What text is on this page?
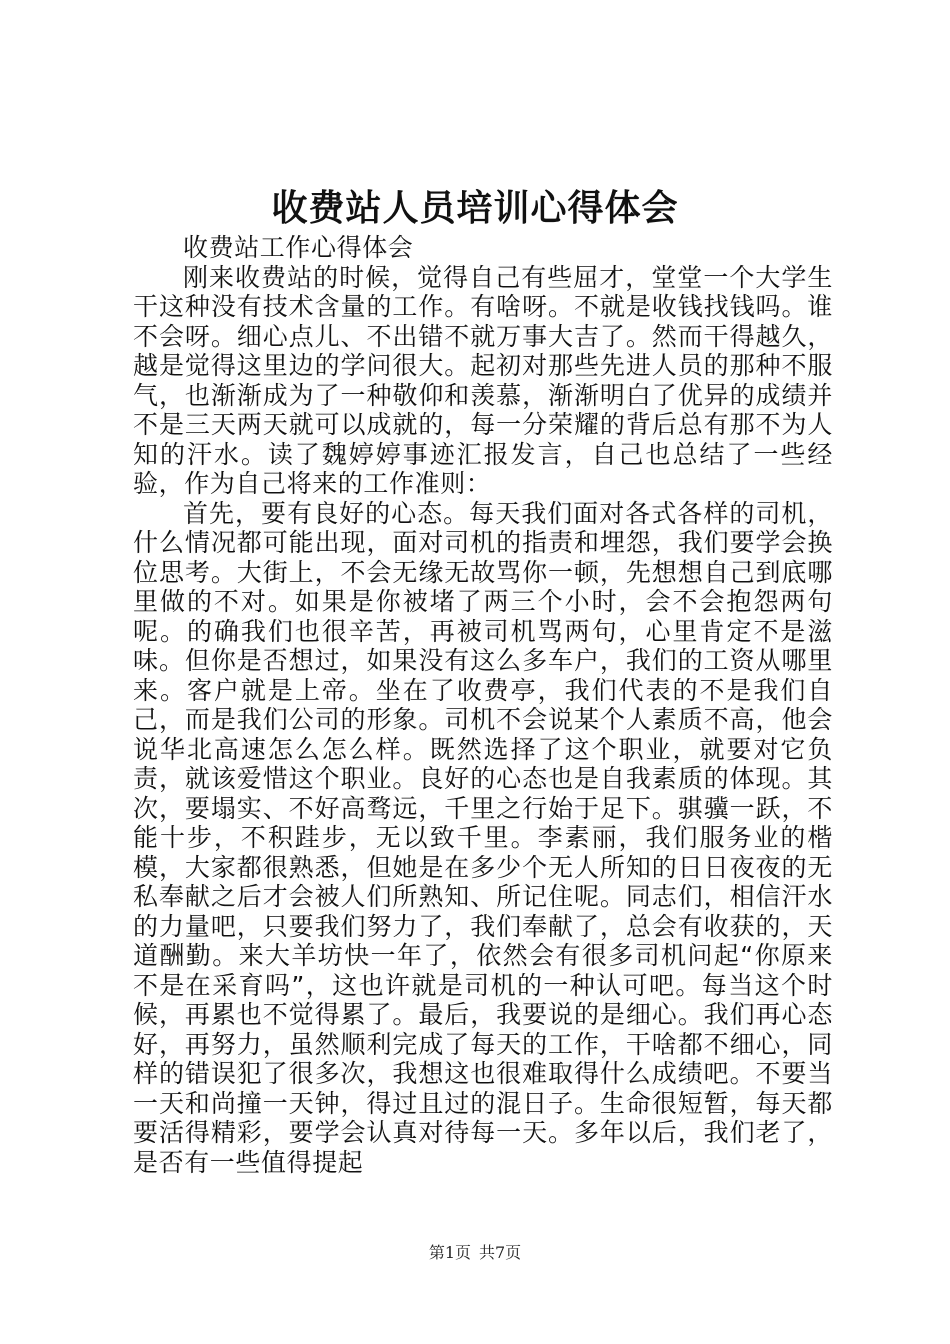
收费站人员培训心得体会

收费站工作心得体会

刚来收费站的时候，觉得自己有些屈才，堂堂一个大学生干这种没有技术含量的工作。有啥呀。不就是收钱找钱吗。谁不会呀。细心点儿、不出错不就万事大吉了。然而干得越久，越是觉得这里边的学问很大。起初对那些先进人员的那种不服气，也渐渐成为了一种敬仰和羡慕，渐渐明白了优异的成绩并不是三天两天就可以成就的，每一分荣耀的背后总有那不为人知的汗水。读了魏婷婷事迹汇报发言，自己也总结了一些经验，作为自己将来的工作准则：

首先，要有良好的心态。每天我们面对各式各样的司机，什么情况都可能出现，面对司机的指责和埋怨，我们要学会换位思考。大街上，不会无缘无故骂你一顿，先想想自己到底哪里做的不对。如果是你被堵了两三个小时，会不会抱怨两句呢。的确我们也很辛苦，再被司机骂两句，心里肯定不是滋味。但你是否想过，如果没有这么多车户，我们的工资从哪里来。客户就是上帝。坐在了收费亭，我们代表的不是我们自己，而是我们公司的形象。司机不会说某个人素质不高，他会说华北高速怎么怎么样。既然选择了这个职业，就要对它负责，就该爱惜这个职业。良好的心态也是自我素质的体现。其次，要塌实、不好高骛远，千里之行始于足下。骐骥一跃，不能十步，不积跬步，无以致千里。李素丽，我们服务业的楷模，大家都很熟悉，但她是在多少个无人所知的日日夜夜的无私奉献之后才会被人们所熟知、所记住呢。同志们，相信汗水的力量吧，只要我们努力了，我们奉献了，总会有收获的，天道酬勤。来大羊坊快一年了，依然会有很多司机问起“你原来不是在采育吗”，这也许就是司机的一种认可吧。每当这个时候，再累也不觉得累了。最后，我要说的是细心。我们再心态好，再努力，虽然顺利完成了每天的工作，干啥都不细心，同样的错误犯了很多次，我想这也很难取得什么成绩吧。不要当一天和尚撞一天钟，得过且过的混日子。生命很短暂，每天都要活得精彩，要学会认真对待每一天。多年以后，我们老了，是否有一些值得提起

第1页 共7页
